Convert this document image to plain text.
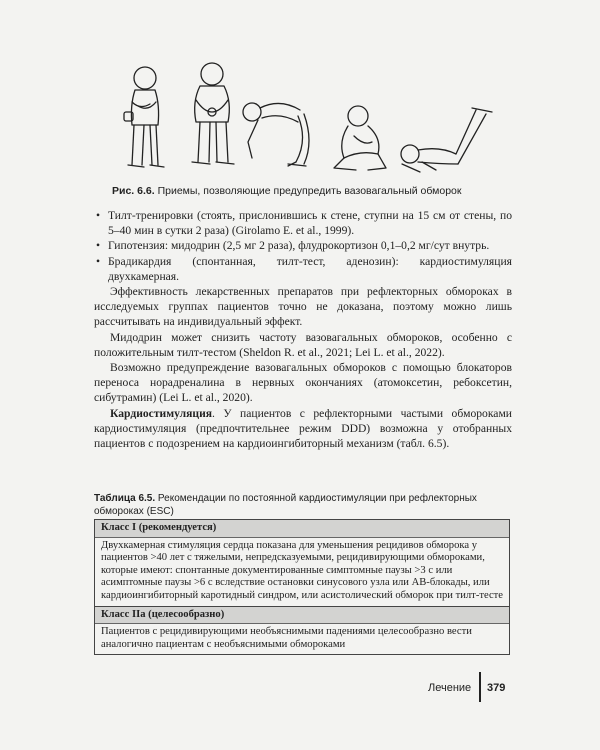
Рис. 6.6. Приемы, позволяющие предупредить вазовагальный обморок
• Тилт-тренировки (стоять, прислонившись к стене, ступни на 15 см от стены, по 5–40 мин в сутки 2 раза) (Girolamo E. et al., 1999).
• Гипотензия: мидодрин (2,5 мг 2 раза), флудрокортизон 0,1–0,2 мг/сут внутрь.
• Брадикардия (спонтанная, тилт-тест, аденозин): кардиостимуляция двухкамерная.

Эффективность лекарственных препаратов при рефлекторных обмороках в исследуемых группах пациентов точно не доказана, поэтому можно лишь рассчитывать на индивидуальный эффект.

Мидодрин может снизить частоту вазовагальных обмороков, особенно с положительным тилт-тестом (Sheldon R. et al., 2021; Lei L. et al., 2022).

Возможно предупреждение вазовагальных обмороков с помощью блокаторов переноса норадреналина в нервных окончаниях (атомоксетин, ребоксетин, сибутрамин) (Lei L. et al., 2020).

Кардиостимуляция. У пациентов с рефлекторными частыми обмороками кардиостимуляция (предпочтительнее режим DDD) возможна у отобранных пациентов с подозрением на кардиоингибиторный механизм (табл. 6.5).

Таблица 6.5. Рекомендации по постоянной кардиостимуляции при рефлекторных обмороках (ESC)
Класс I (рекомендуется)
Двухкамерная стимуляция сердца показана для уменьшения рецидивов обморока у пациентов >40 лет с тяжелыми, непредсказуемыми, рецидивирующими обмороками, которые имеют: спонтанные документированные симптомные паузы >3 с или асимптомные паузы >6 с вследствие остановки синусового узла или АВ-блокады, или кардиоингибиторный каротидный синдром, или асистолический обморок при тилт-тесте
Класс IIa (целесообразно)
Пациентов с рецидивирующими необъяснимыми падениями целесообразно вести аналогично пациентам с необъяснимыми обмороками
Лечение 379
